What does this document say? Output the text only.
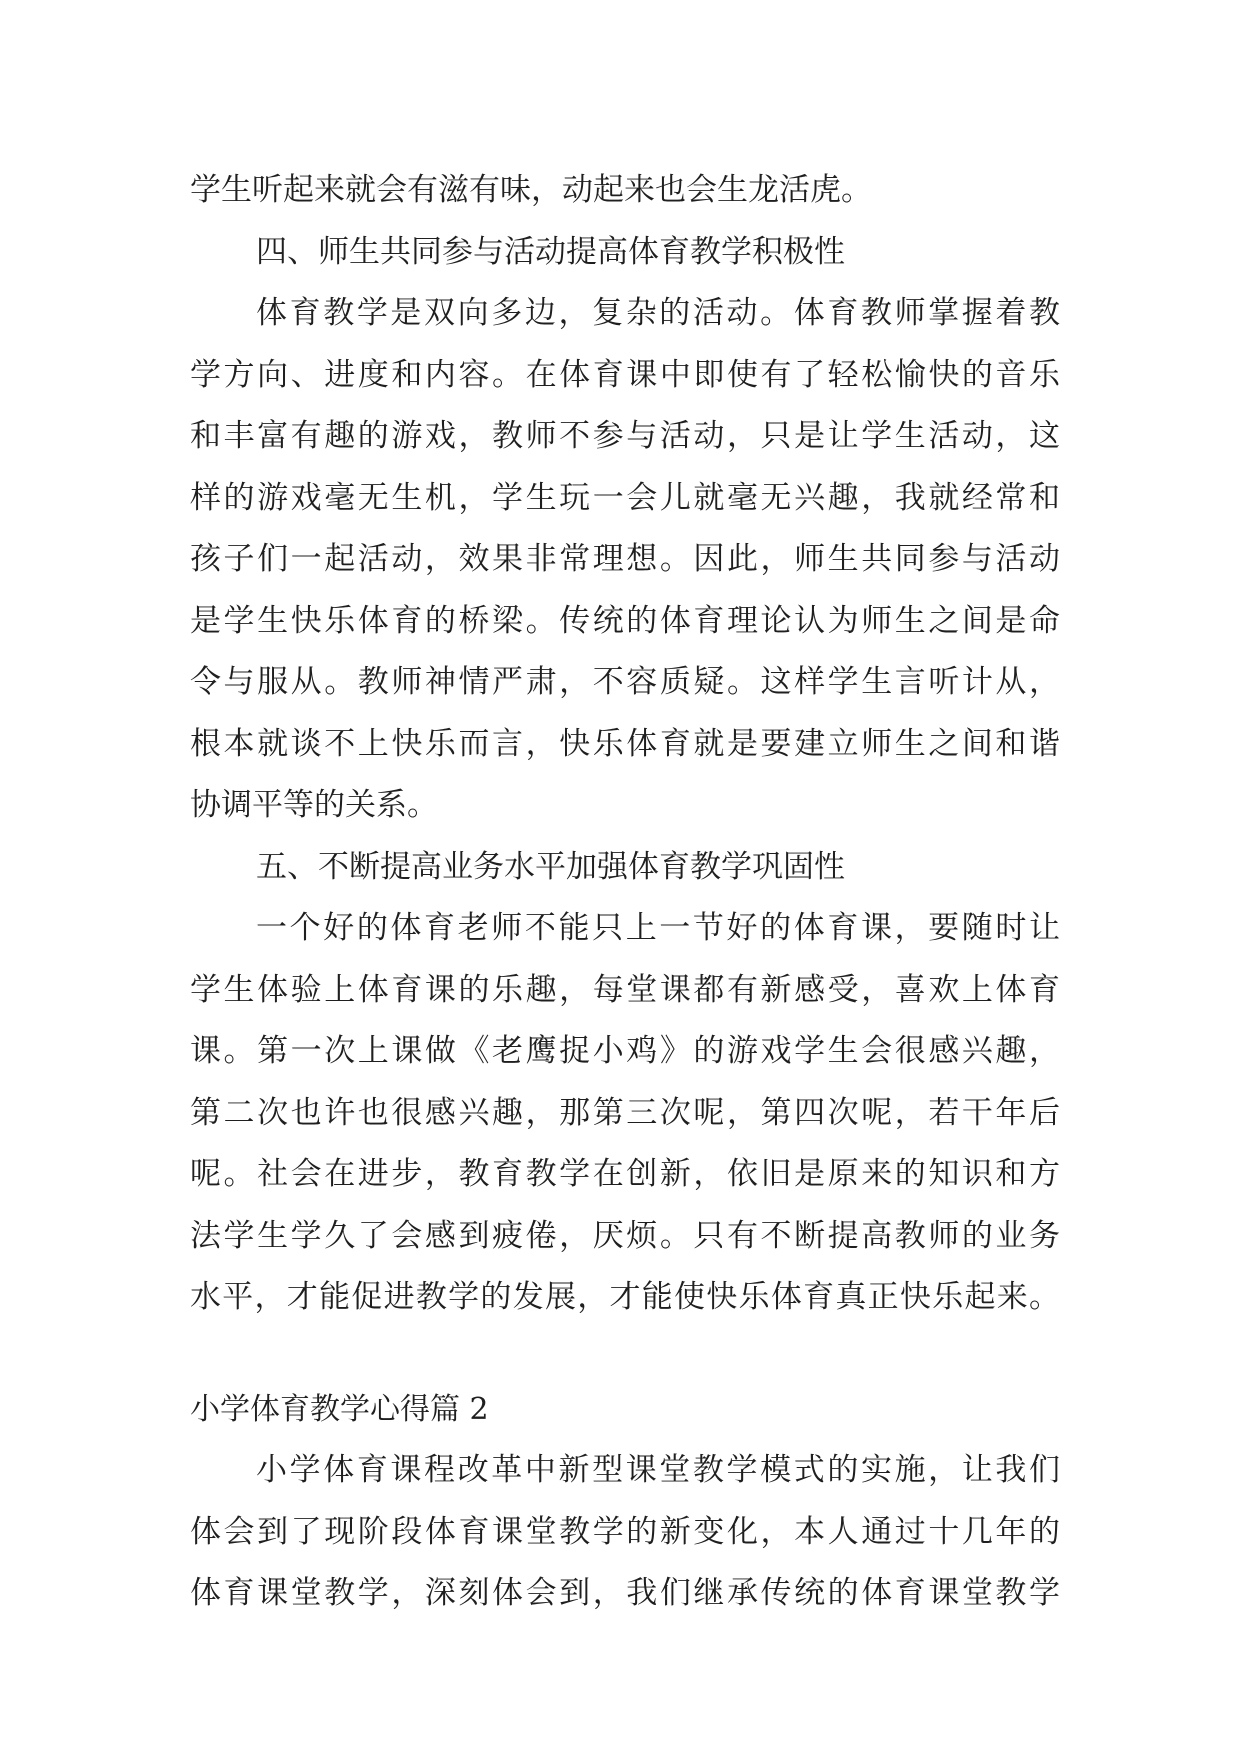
学生听起来就会有滋有味，动起来也会生龙活虎。
四、师生共同参与活动提高体育教学积极性
体育教学是双向多边，复杂的活动。体育教师掌握着教
学方向、进度和内容。在体育课中即使有了轻松愉快的音乐
和丰富有趣的游戏，教师不参与活动，只是让学生活动，这
样的游戏毫无生机，学生玩一会儿就毫无兴趣，我就经常和
孩子们一起活动，效果非常理想。因此，师生共同参与活动
是学生快乐体育的桥梁。传统的体育理论认为师生之间是命
令与服从。教师神情严肃，不容质疑。这样学生言听计从，
根本就谈不上快乐而言，快乐体育就是要建立师生之间和谐
协调平等的关系。
五、不断提高业务水平加强体育教学巩固性
一个好的体育老师不能只上一节好的体育课，要随时让
学生体验上体育课的乐趣，每堂课都有新感受，喜欢上体育
课。第一次上课做《老鹰捉小鸡》的游戏学生会很感兴趣，
第二次也许也很感兴趣，那第三次呢，第四次呢，若干年后
呢。社会在进步，教育教学在创新，依旧是原来的知识和方
法学生学久了会感到疲倦，厌烦。只有不断提高教师的业务
水平，才能促进教学的发展，才能使快乐体育真正快乐起来。
小学体育教学心得篇 2
小学体育课程改革中新型课堂教学模式的实施，让我们
体会到了现阶段体育课堂教学的新变化，本人通过十几年的
体育课堂教学，深刻体会到，我们继承传统的体育课堂教学
